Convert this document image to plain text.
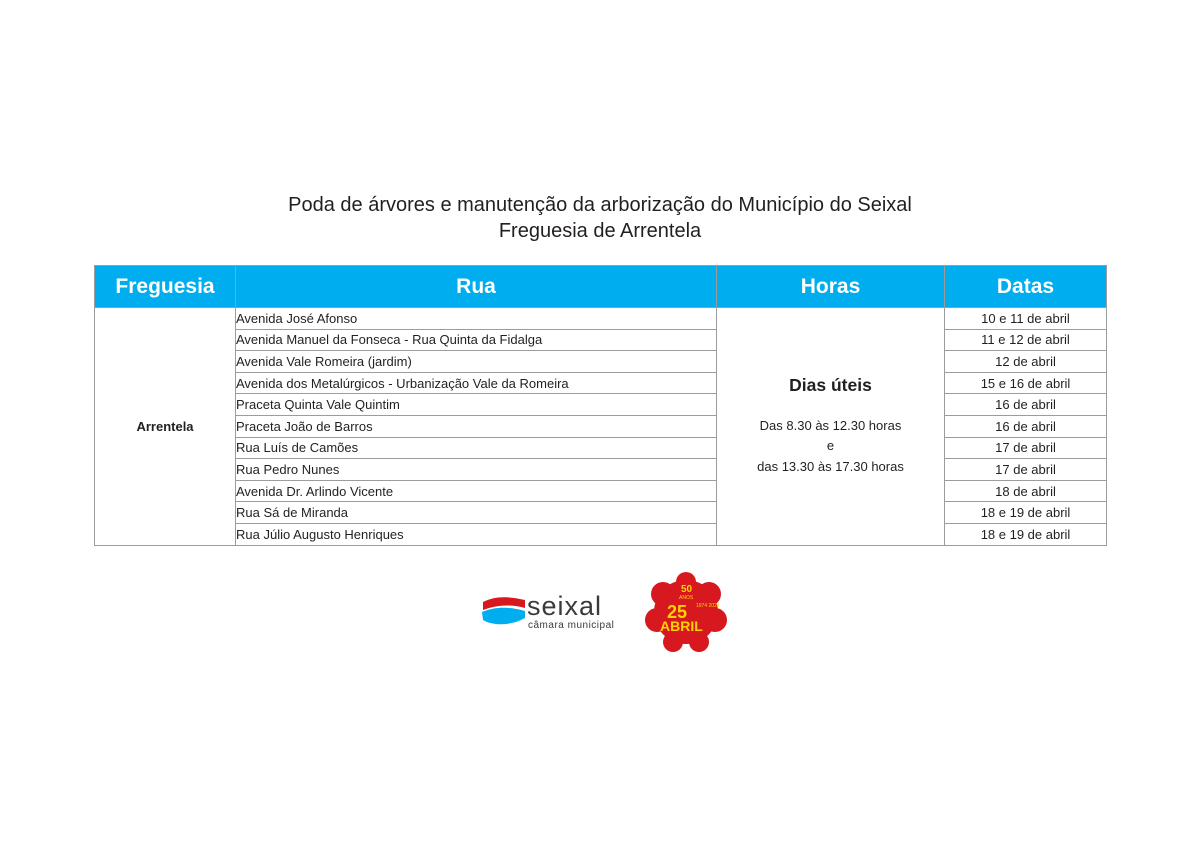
Poda de árvores e manutenção da arborização do Município do Seixal
Freguesia de Arrentela
Freguesia	Rua	Horas	Datas
Arrentela	Avenida José Afonso	Dias úteis
Das 8.30 às 12.30 horas
e
das 13.30 às 17.30 horas	10 e 11 de abril
	Avenida Manuel da Fonseca - Rua Quinta da Fidalga		11 e 12 de abril
	Avenida Vale Romeira (jardim)		12 de abril
	Avenida dos Metalúrgicos - Urbanização Vale da Romeira		15 e 16 de abril
	Praceta Quinta Vale Quintim		16 de abril
	Praceta João de Barros		16 de abril
	Rua Luís de Camões		17 de abril
	Rua Pedro Nunes		17 de abril
	Avenida Dr. Arlindo Vicente		18 de abril
	Rua Sá de Miranda		18 e 19 de abril
	Rua Júlio Augusto Henriques		18 e 19 de abril
seixal
câmara municipal
50
ANOS
1974 2024
25
ABRIL
